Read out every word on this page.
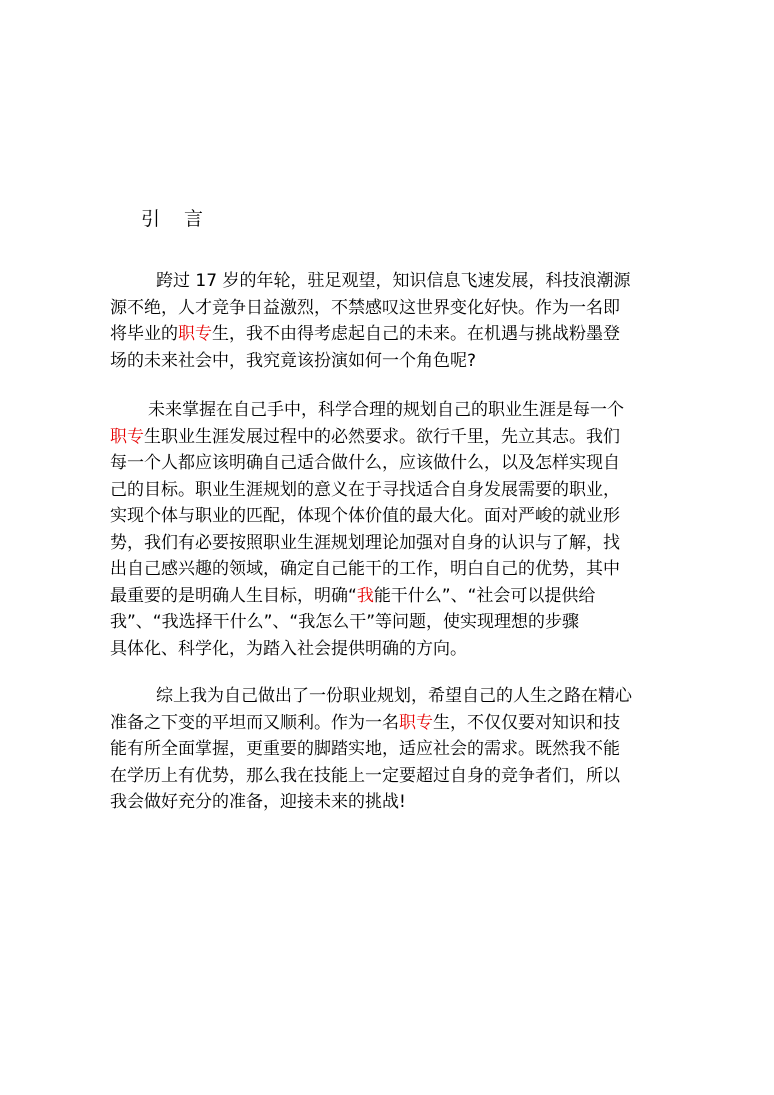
引 言

跨过 17 岁的年轮，驻足观望，知识信息飞速发展，科技浪潮源
源不绝，人才竞争日益激烈，不禁感叹这世界变化好快。作为一名即
将毕业的职专生，我不由得考虑起自己的未来。在机遇与挑战粉墨登
场的未来社会中，我究竟该扮演如何一个角色呢?

未来掌握在自己手中，科学合理的规划自己的职业生涯是每一个
职专生职业生涯发展过程中的必然要求。欲行千里，先立其志。我们
每一个人都应该明确自己适合做什么，应该做什么，以及怎样实现自
己的目标。职业生涯规划的意义在于寻找适合自身发展需要的职业，
实现个体与职业的匹配，体现个体价值的最大化。面对严峻的就业形
势，我们有必要按照职业生涯规划理论加强对自身的认识与了解，找
出自己感兴趣的领域，确定自己能干的工作，明白自己的优势，其中
最重要的是明确人生目标，明确“我能干什么”、“社会可以提供给
我”、“我选择干什么”、“我怎么干”等问题，使实现理想的步骤
具体化、科学化，为踏入社会提供明确的方向。

综上我为自己做出了一份职业规划，希望自己的人生之路在精心
准备之下变的平坦而又顺利。作为一名职专生，不仅仅要对知识和技
能有所全面掌握，更重要的脚踏实地，适应社会的需求。既然我不能
在学历上有优势，那么我在技能上一定要超过自身的竞争者们，所以
我会做好充分的准备，迎接未来的挑战!
